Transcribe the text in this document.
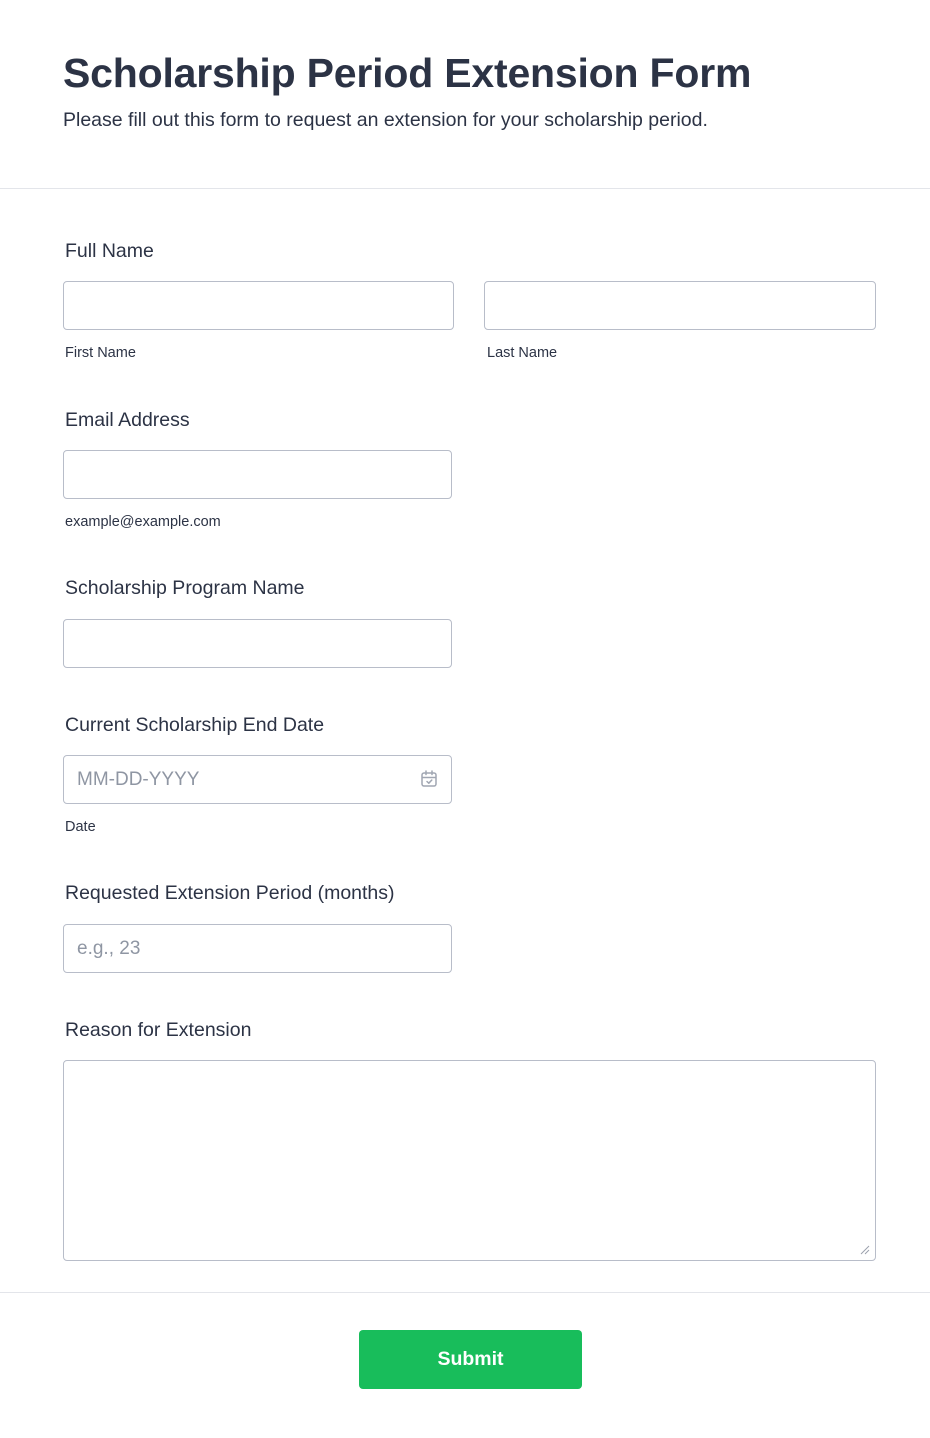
Scholarship Period Extension Form

Please fill out this form to request an extension for your scholarship period.

Full Name
First Name	Last Name
Email Address
example@example.com
Scholarship Program Name
Current Scholarship End Date
MM-DD-YYYY
Date
Requested Extension Period (months)
e.g., 23
Reason for Extension
Submit
